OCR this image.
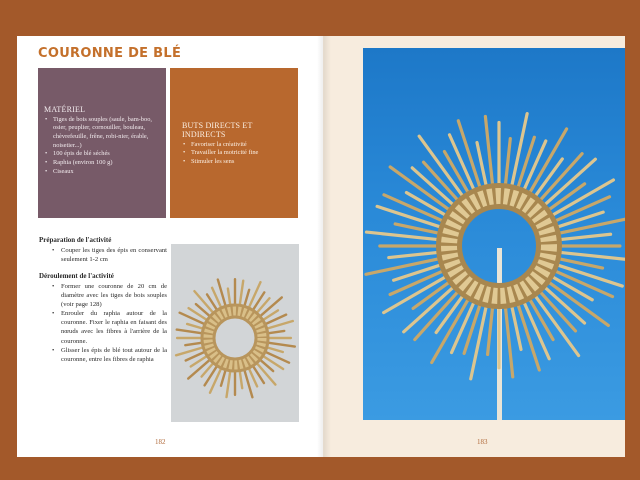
COURONNE DE BLÉ
MATÉRIEL
• Tiges de bois souples (saule, bam-boo, osier, peuplier, cornouiller, bouleau, chèvrefeuille, frêne, robi-nier, érable, noisetier...)
• 100 épis de blé séchés
• Raphia (environ 100 g)
• Ciseaux
BUTS DIRECTS ET INDIRECTS
• Favoriser la créativité
• Travailler la motricité fine
• Stimuler les sens
Préparation de l'activité
• Couper les tiges des épis en conservant seulement 1-2 cm
Déroulement de l'activité
• Former une couronne de 20 cm de diamètre avec les tiges de bois souples (voir page 128)
• Enrouler du raphia autour de la couronne. Fixer le raphia en faisant des nœuds avec les fibres à l'arrière de la couronne.
• Glisser les épis de blé tout autour de la couronne, entre les fibres de raphia
182	183
